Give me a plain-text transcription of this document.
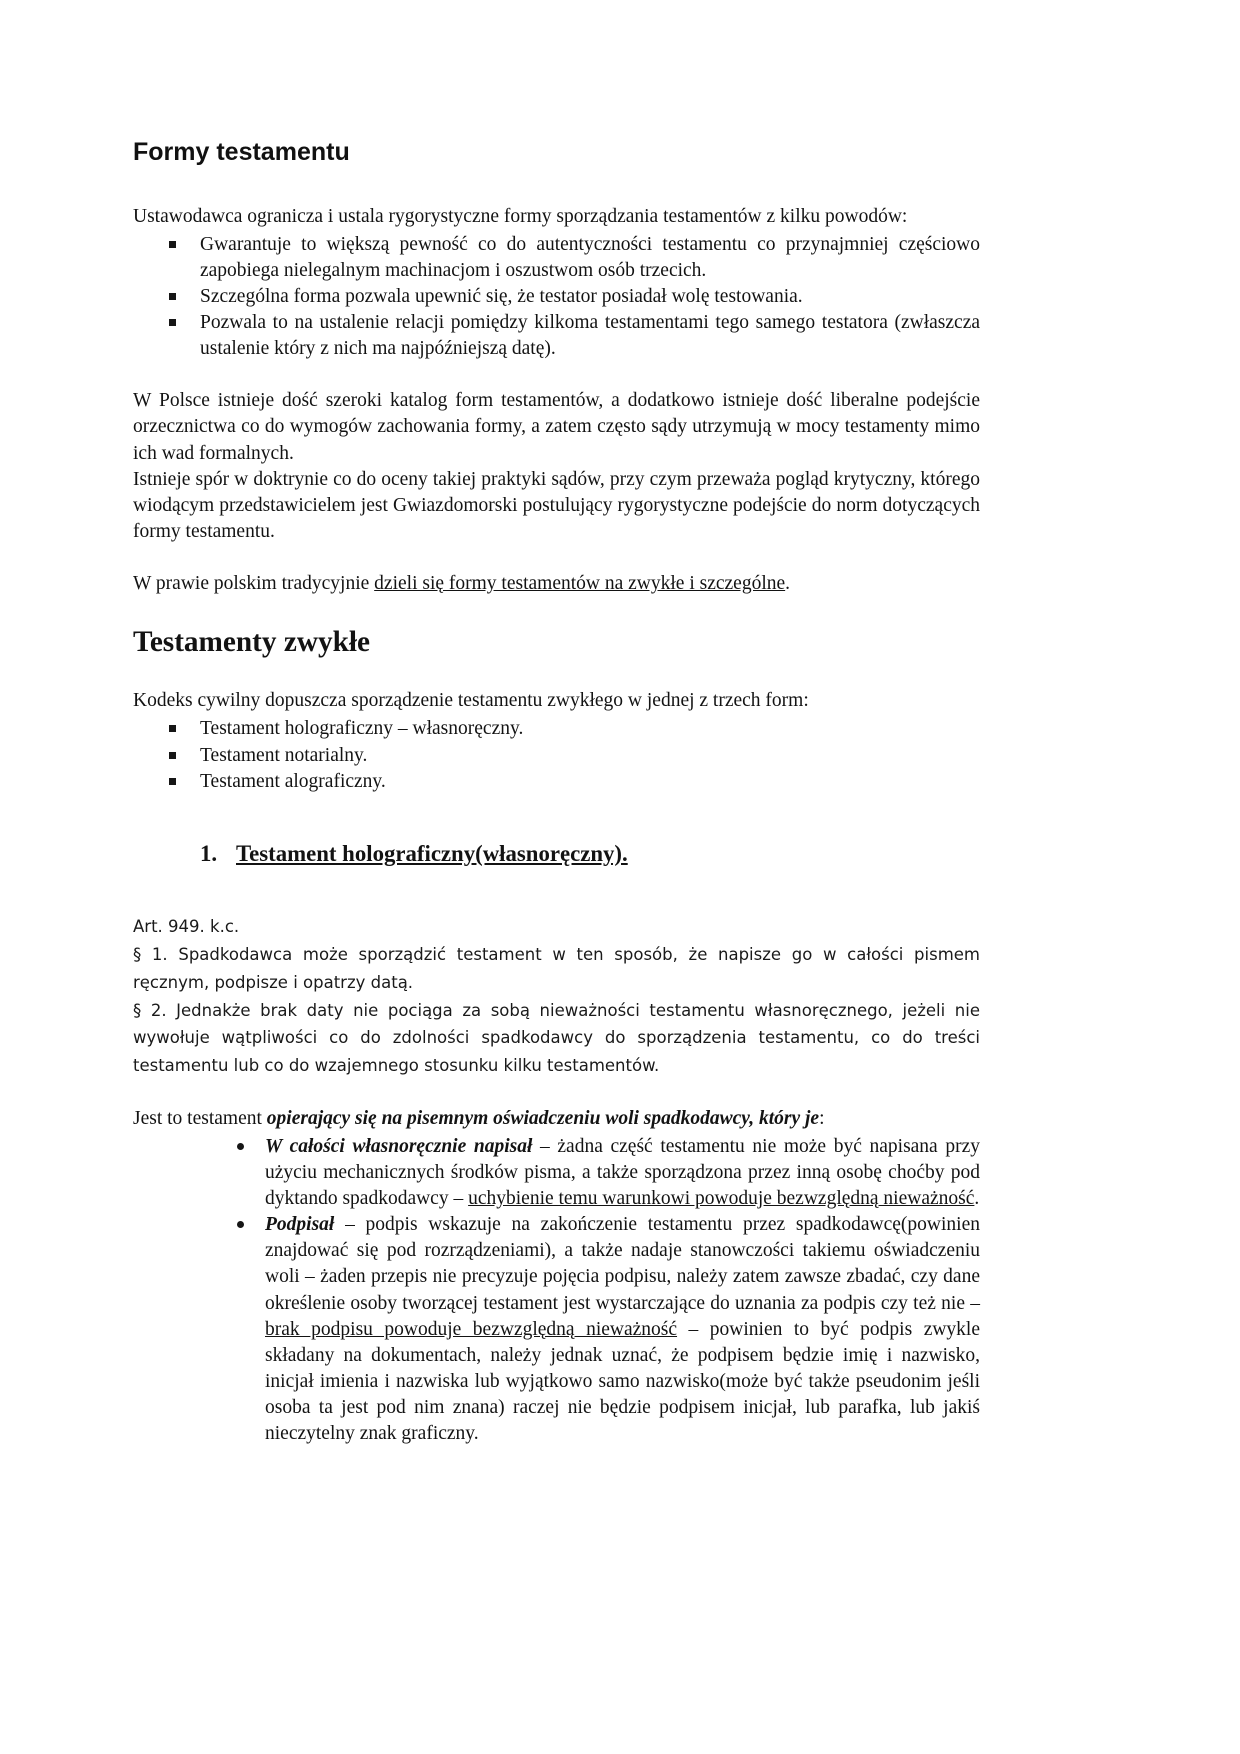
Formy testamentu

Ustawodawca ogranicza i ustala rygorystyczne formy sporządzania testamentów z kilku powodów:

Gwarantuje to większą pewność co do autentyczności testamentu co przynajmniej częściowo zapobiega nielegalnym machinacjom i oszustwom osób trzecich.
Szczególna forma pozwala upewnić się, że testator posiadał wolę testowania.
Pozwala to na ustalenie relacji pomiędzy kilkoma testamentami tego samego testatora (zwłaszcza ustalenie który z nich ma najpóźniejszą datę).

W Polsce istnieje dość szeroki katalog form testamentów, a dodatkowo istnieje dość liberalne podejście orzecznictwa co do wymogów zachowania formy, a zatem często sądy utrzymują w mocy testamenty mimo ich wad formalnych.

Istnieje spór w doktrynie co do oceny takiej praktyki sądów, przy czym przeważa pogląd krytyczny, którego wiodącym przedstawicielem jest Gwiazdomorski postulujący rygorystyczne podejście do norm dotyczących formy testamentu.

W prawie polskim tradycyjnie dzieli się formy testamentów na zwykłe i szczególne.

Testamenty zwykłe

Kodeks cywilny dopuszcza sporządzenie testamentu zwykłego w jednej z trzech form:

Testament holograficzny – własnoręczny.
Testament notarialny.
Testament alograficzny.
1. Testament holograficzny(własnoręczny).

Art. 949. k.c.

§ 1. Spadkodawca może sporządzić testament w ten sposób, że napisze go w całości pismem ręcznym, podpisze i opatrzy datą.

§ 2. Jednakże brak daty nie pociąga za sobą nieważności testamentu własnoręcznego, jeżeli nie wywołuje wątpliwości co do zdolności spadkodawcy do sporządzenia testamentu, co do treści testamentu lub co do wzajemnego stosunku kilku testamentów.

Jest to testament opierający się na pisemnym oświadczeniu woli spadkodawcy, który je:

W całości własnoręcznie napisał – żadna część testamentu nie może być napisana przy użyciu mechanicznych środków pisma, a także sporządzona przez inną osobę choćby pod dyktando spadkodawcy – uchybienie temu warunkowi powoduje bezwzględną nieważność.
Podpisał – podpis wskazuje na zakończenie testamentu przez spadkodawcę(powinien znajdować się pod rozrządzeniami), a także nadaje stanowczości takiemu oświadczeniu woli – żaden przepis nie precyzuje pojęcia podpisu, należy zatem zawsze zbadać, czy dane określenie osoby tworzącej testament jest wystarczające do uznania za podpis czy też nie – brak podpisu powoduje bezwzględną nieważność – powinien to być podpis zwykle składany na dokumentach, należy jednak uznać, że podpisem będzie imię i nazwisko, inicjał imienia i nazwiska lub wyjątkowo samo nazwisko(może być także pseudonim jeśli osoba ta jest pod nim znana) raczej nie będzie podpisem inicjał, lub parafka, lub jakiś nieczytelny znak graficzny.
